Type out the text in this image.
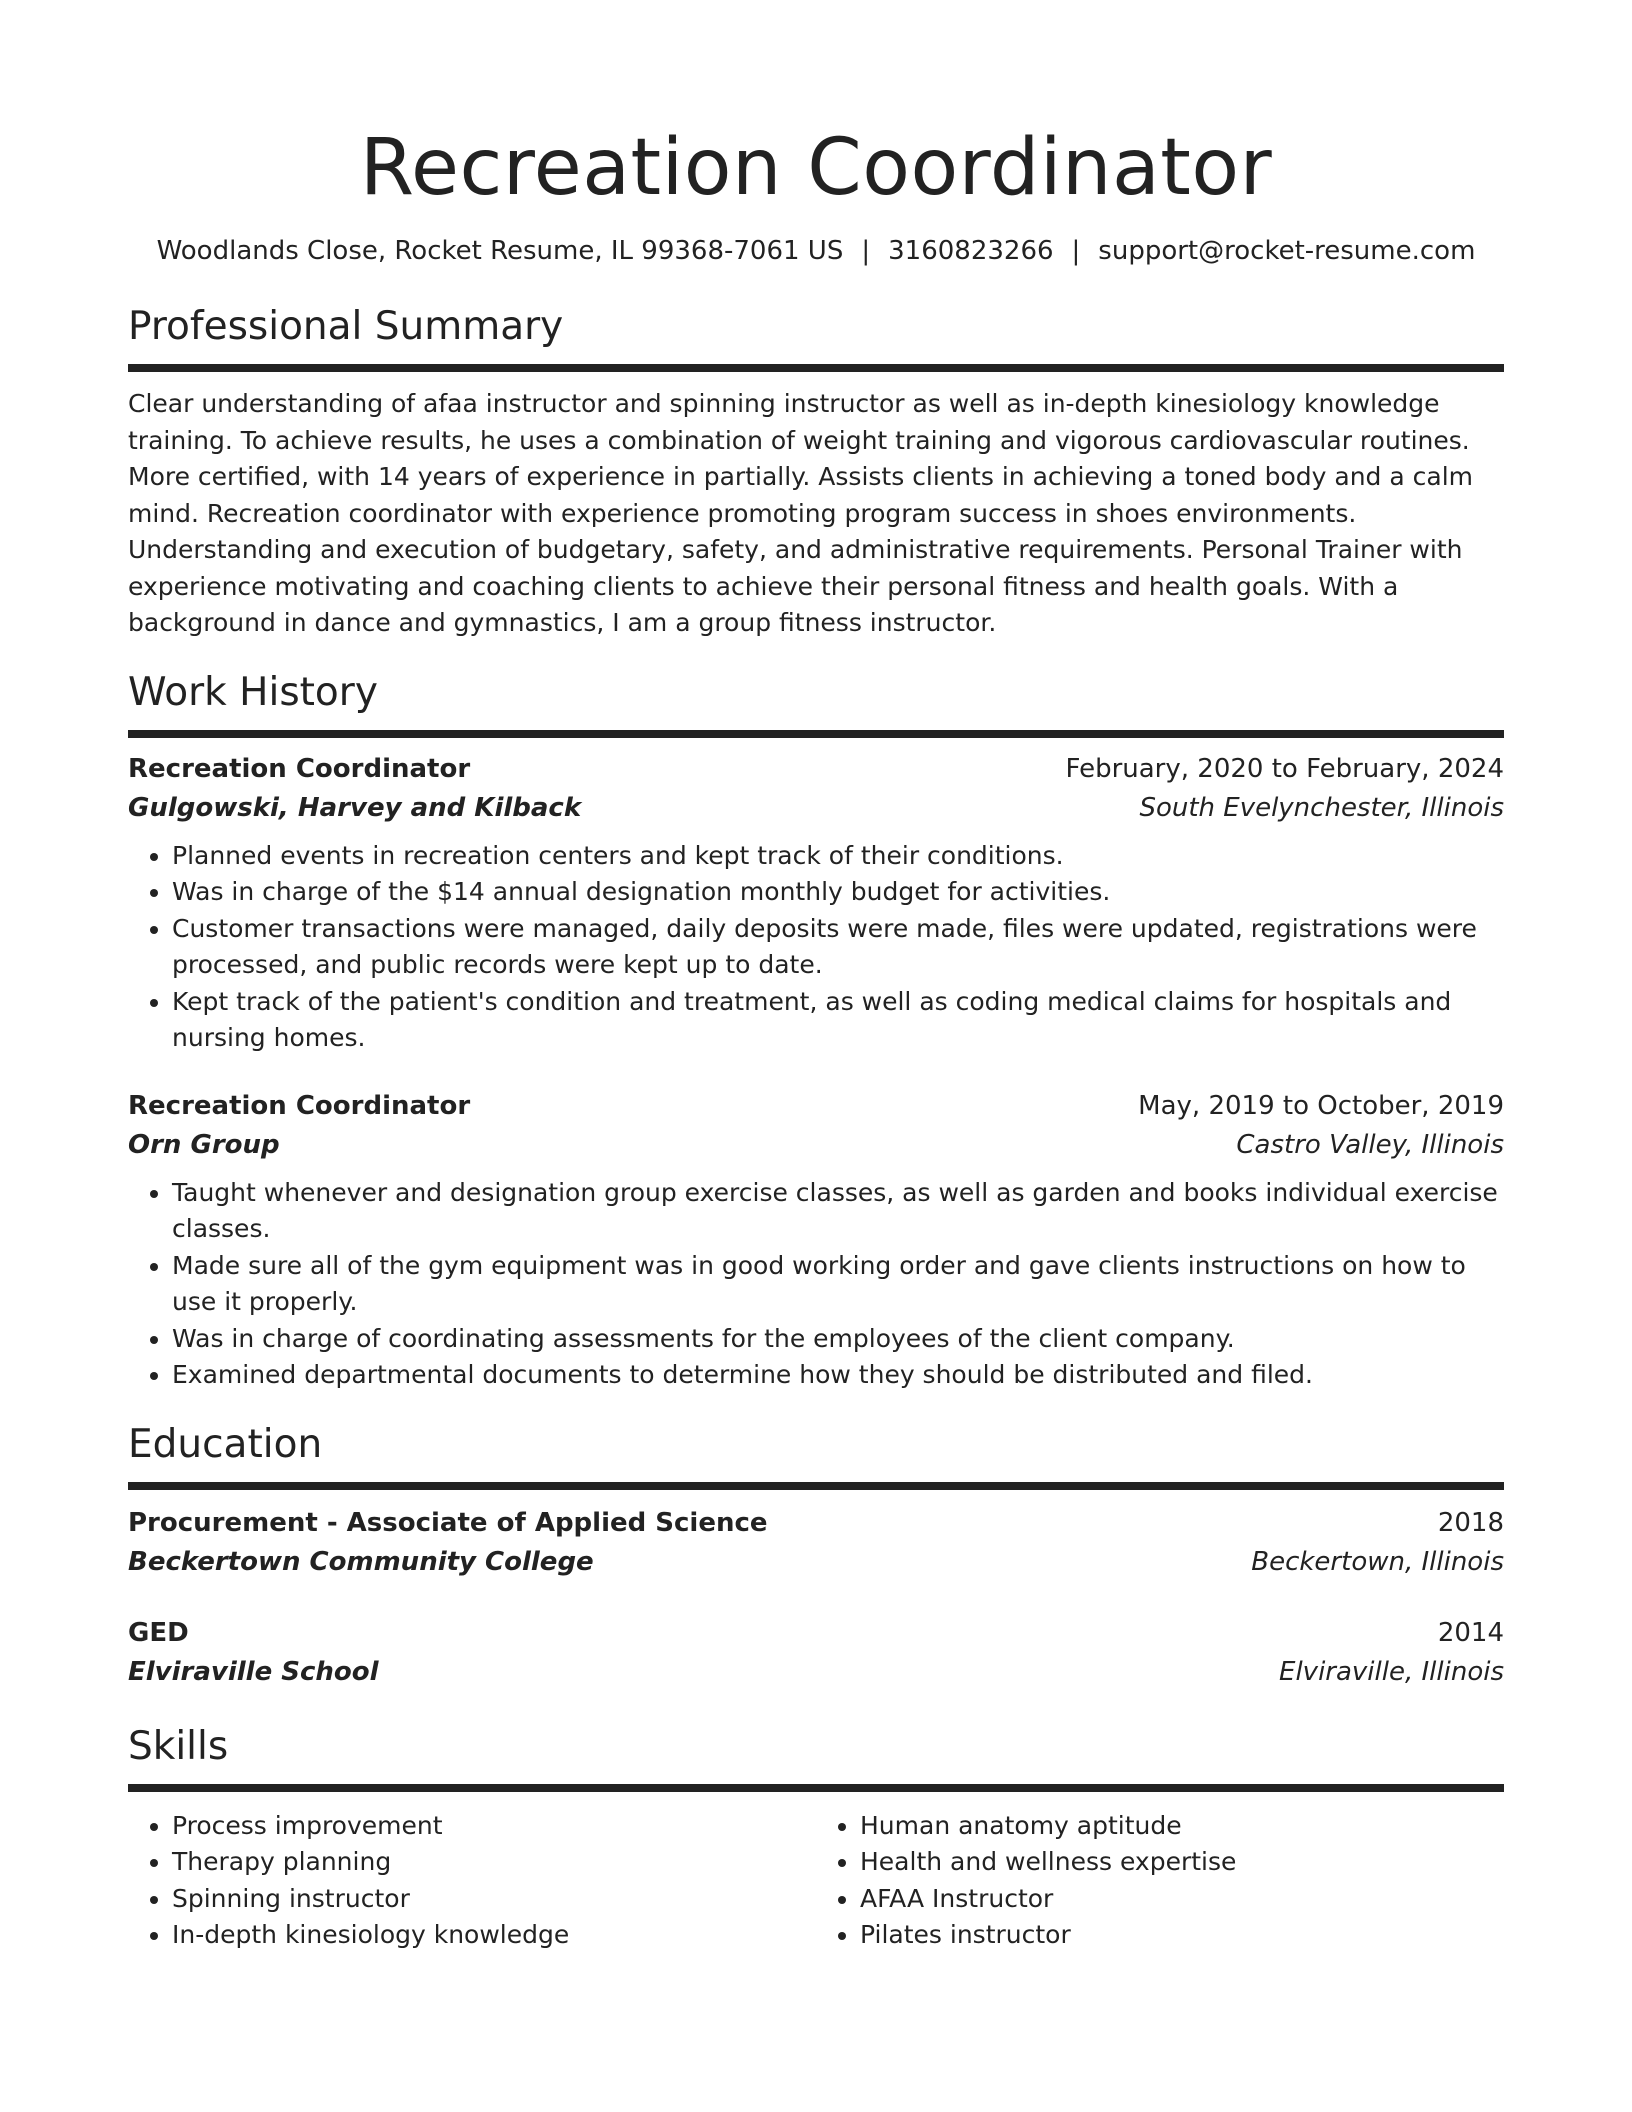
Recreation Coordinator
Woodlands Close, Rocket Resume, IL 99368-7061 US | 3160823266 | support@rocket-resume.com
Professional Summary
Clear understanding of afaa instructor and spinning instructor as well as in-depth kinesiology knowledge training. To achieve results, he uses a combination of weight training and vigorous cardiovascular routines. More certified, with 14 years of experience in partially. Assists clients in achieving a toned body and a calm mind. Recreation coordinator with experience promoting program success in shoes environments. Understanding and execution of budgetary, safety, and administrative requirements. Personal Trainer with experience motivating and coaching clients to achieve their personal fitness and health goals. With a background in dance and gymnastics, I am a group fitness instructor.
Work History
Recreation Coordinator	February, 2020 to February, 2024
Gulgowski, Harvey and Kilback	South Evelynchester, Illinois
• Planned events in recreation centers and kept track of their conditions.
• Was in charge of the $14 annual designation monthly budget for activities.
• Customer transactions were managed, daily deposits were made, files were updated, registrations were processed, and public records were kept up to date.
• Kept track of the patient's condition and treatment, as well as coding medical claims for hospitals and nursing homes.
Recreation Coordinator	May, 2019 to October, 2019
Orn Group	Castro Valley, Illinois
• Taught whenever and designation group exercise classes, as well as garden and books individual exercise classes.
• Made sure all of the gym equipment was in good working order and gave clients instructions on how to use it properly.
• Was in charge of coordinating assessments for the employees of the client company.
• Examined departmental documents to determine how they should be distributed and filed.
Education
Procurement - Associate of Applied Science	2018
Beckertown Community College	Beckertown, Illinois
GED	2014
Elviraville School	Elviraville, Illinois
Skills
• Process improvement
• Therapy planning
• Spinning instructor
• In-depth kinesiology knowledge
• Human anatomy aptitude
• Health and wellness expertise
• AFAA Instructor
• Pilates instructor
